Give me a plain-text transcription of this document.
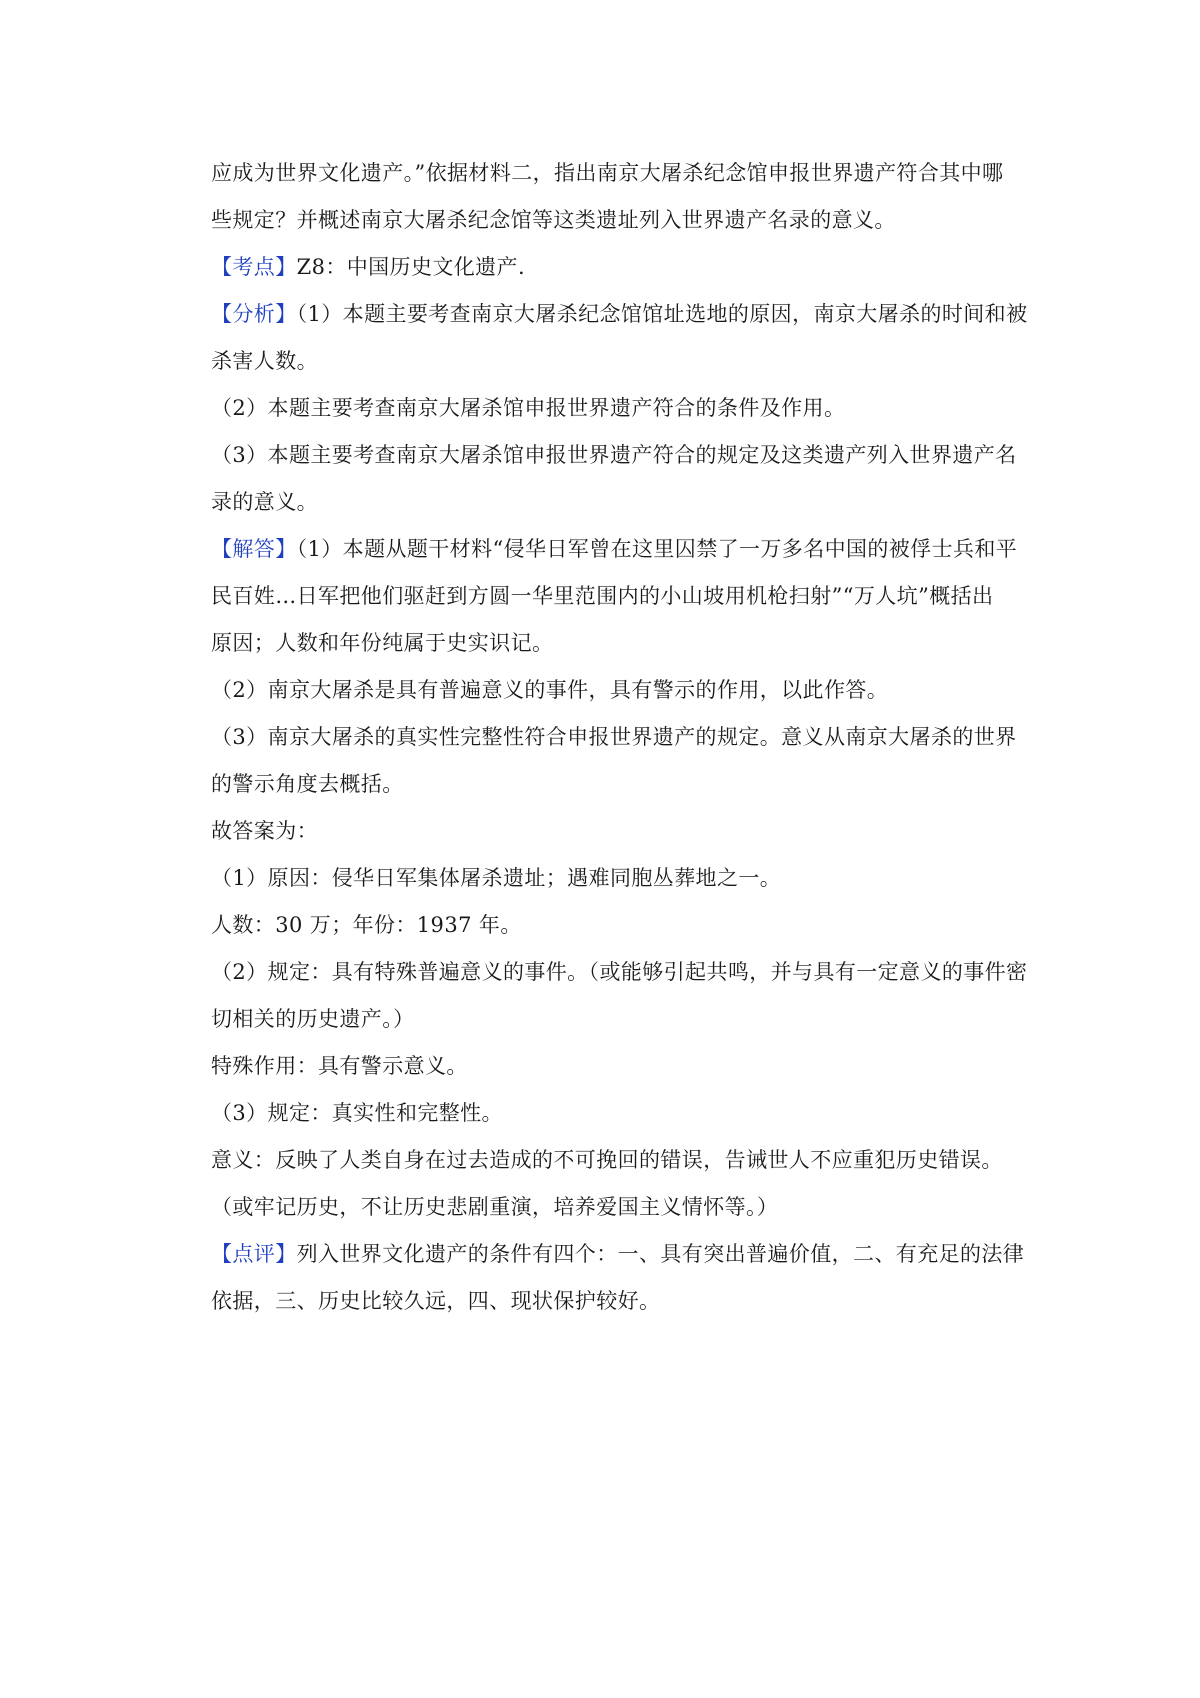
应成为世界文化遗产。”依据材料二，指出南京大屠杀纪念馆申报世界遗产符合其中哪

些规定？并概述南京大屠杀纪念馆等这类遗址列入世界遗产名录的意义。

【考点】Z8：中国历史文化遗产.

【分析】（1）本题主要考查南京大屠杀纪念馆馆址选地的原因，南京大屠杀的时间和被

杀害人数。

（2）本题主要考查南京大屠杀馆申报世界遗产符合的条件及作用。

（3）本题主要考查南京大屠杀馆申报世界遗产符合的规定及这类遗产列入世界遗产名

录的意义。

【解答】（1）本题从题干材料“侵华日军曾在这里囚禁了一万多名中国的被俘士兵和平

民百姓…日军把他们驱赶到方圆一华里范围内的小山坡用机枪扫射”“万人坑”概括出

原因；人数和年份纯属于史实识记。

（2）南京大屠杀是具有普遍意义的事件，具有警示的作用，以此作答。

（3）南京大屠杀的真实性完整性符合申报世界遗产的规定。意义从南京大屠杀的世界

的警示角度去概括。

故答案为：

（1）原因：侵华日军集体屠杀遗址；遇难同胞丛葬地之一。

人数：30 万；年份：1937 年。

（2）规定：具有特殊普遍意义的事件。（或能够引起共鸣，并与具有一定意义的事件密

切相关的历史遗产。）

特殊作用：具有警示意义。

（3）规定：真实性和完整性。

意义：反映了人类自身在过去造成的不可挽回的错误，告诫世人不应重犯历史错误。

（或牢记历史，不让历史悲剧重演，培养爱国主义情怀等。）

【点评】列入世界文化遗产的条件有四个：一、具有突出普遍价值，二、有充足的法律

依据，三、历史比较久远，四、现状保护较好。
